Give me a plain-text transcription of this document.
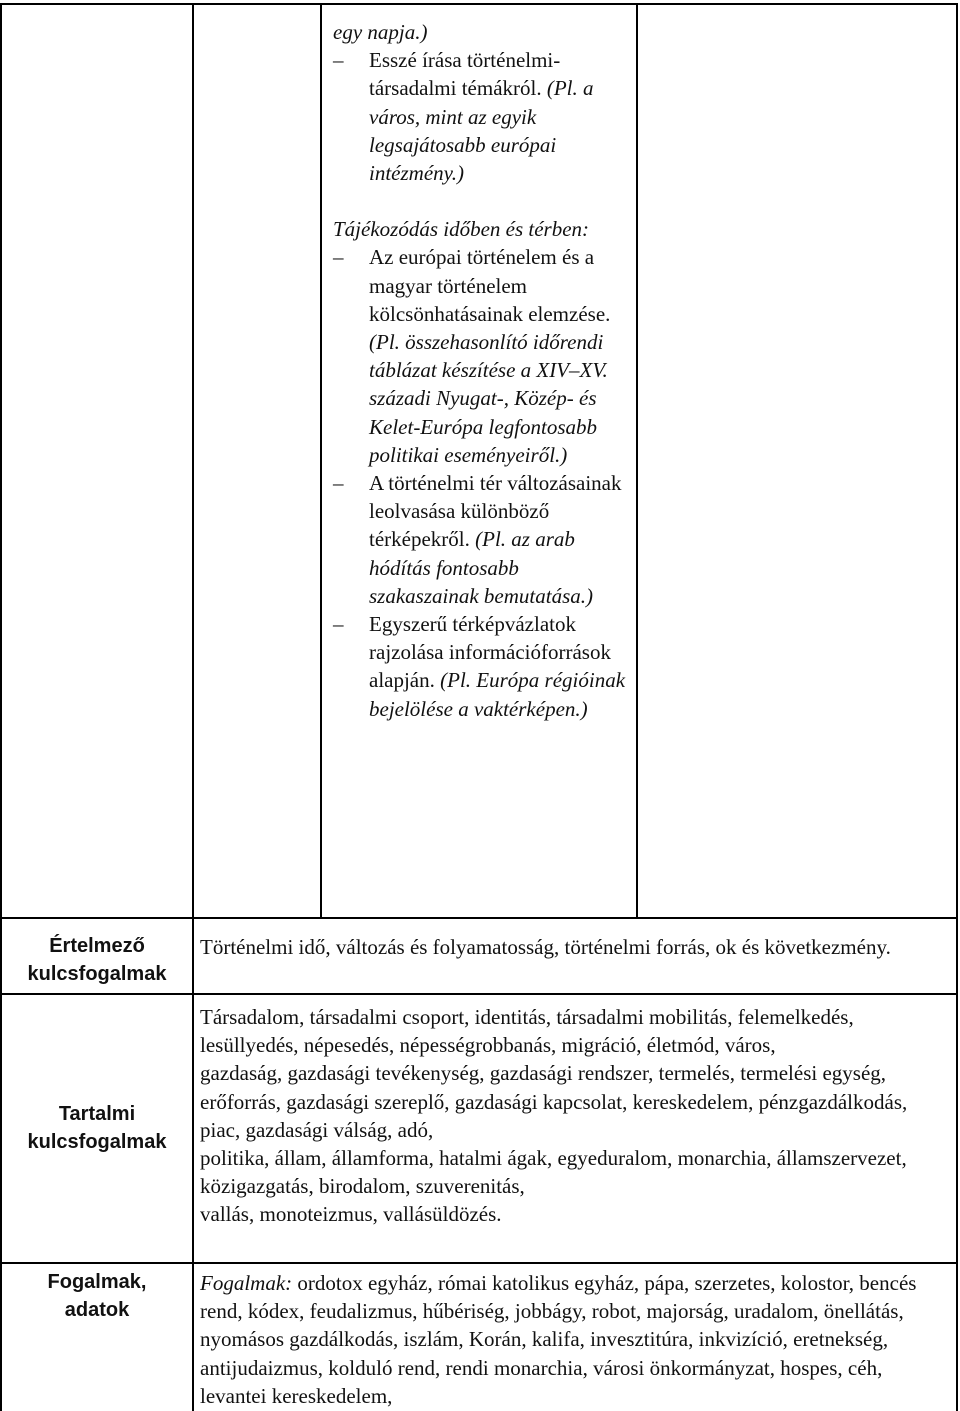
egy napja.)

– Esszé írása történelmi-társadalmi témákról. (Pl. a város, mint az egyik legsajátosabb európai intézmény.)

Tájékozódás időben és térben:

– Az európai történelem és a magyar történelem kölcsönhatásainak elemzése. (Pl. összehasonlító időrendi táblázat készítése a XIV–XV. századi Nyugat-, Közép- és Kelet-Európa legfontosabb politikai eseményeiről.)
– A történelmi tér változásainak leolvasása különböző térképekről. (Pl. az arab hódítás fontosabb szakaszainak bemutatása.)
– Egyszerű térképvázlatok rajzolása információforrások alapján. (Pl. Európa régióinak bejelölése a vaktérképen.)
Értelmező
kulcsfogalmak

Történelmi idő, változás és folyamatosság, történelmi forrás, ok és következmény.

Tartalmi
kulcsfogalmak

Társadalom, társadalmi csoport, identitás, társadalmi mobilitás, felemelkedés, lesüllyedés, népesedés, népességrobbanás, migráció, életmód, város,

gazdaság, gazdasági tevékenység, gazdasági rendszer, termelés, termelési egység, erőforrás, gazdasági szereplő, gazdasági kapcsolat, kereskedelem, pénzgazdálkodás, piac, gazdasági válság, adó,

politika, állam, államforma, hatalmi ágak, egyeduralom, monarchia, államszervezet, közigazgatás, birodalom, szuverenitás,

vallás, monoteizmus, vallásüldözés.

Fogalmak,
adatok

Fogalmak: ordotox egyház, római katolikus egyház, pápa, szerzetes, kolostor, bencés rend, kódex, feudalizmus, hűbériség, jobbágy, robot, majorság, uradalom, önellátás, nyomásos gazdálkodás, iszlám, Korán, kalifa, invesztitúra, inkvizíció, eretnekség, antijudaizmus, kolduló rend, rendi monarchia, városi önkormányzat, hospes, céh, levantei kereskedelem,
